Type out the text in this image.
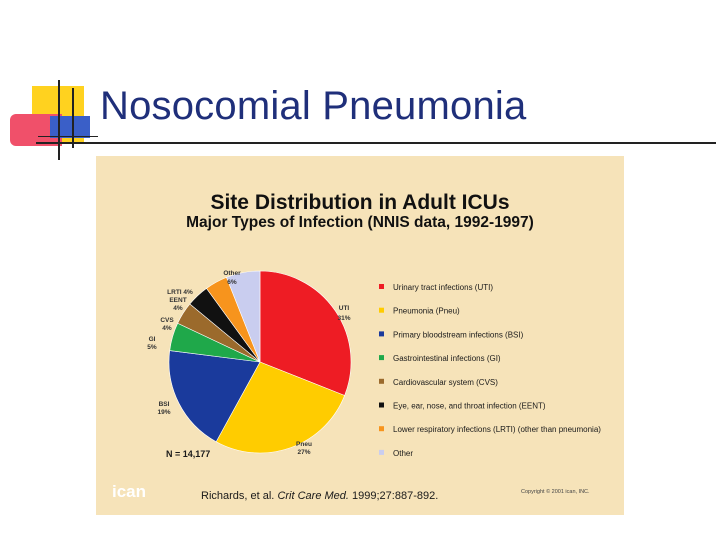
Nosocomial Pneumonia
Site Distribution in Adult ICUs
Major Types of Infection (NNIS data, 1992-1997)
UTI
31%
Pneu
27%
BSI
19%
GI
5%
CVS
4%
EENT
4%
LRTI 4%
Other
6%
Urinary tract infections (UTI)
Pneumonia (Pneu)
Primary bloodstream infections (BSI)
Gastrointestinal infections (GI)
Cardiovascular system (CVS)
Eye, ear, nose, and throat infection (EENT)
Lower respiratory infections (LRTI) (other than pneumonia)
Other
N = 14,177
ican	Richards, et al. Crit Care Med. 1999;27:887-892.	Copyright © 2001 ican, INC.
